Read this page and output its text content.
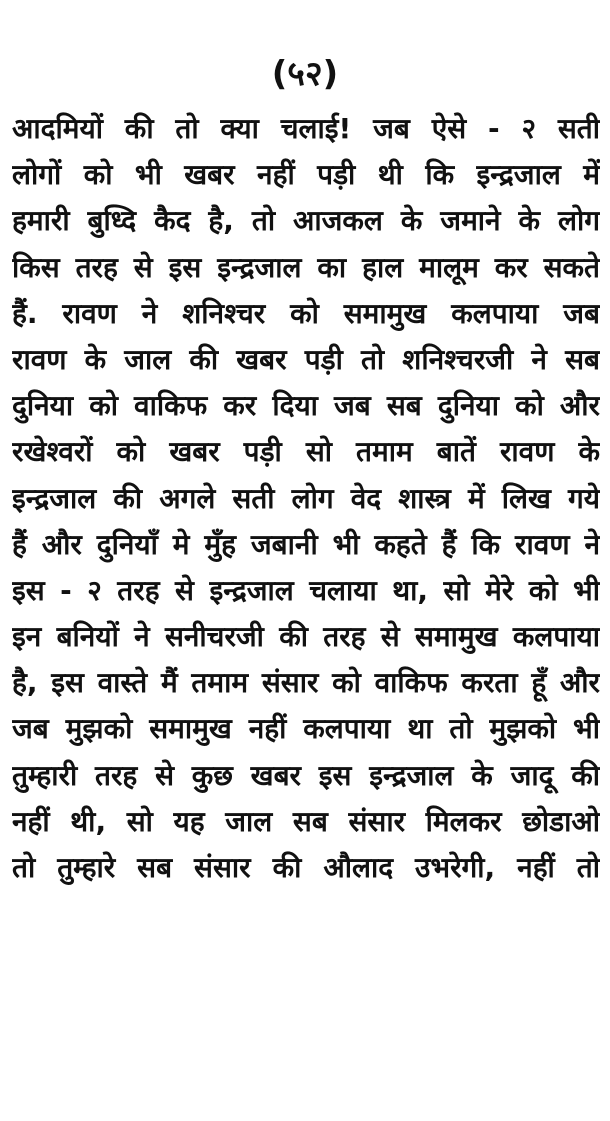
(५२)
आदमियों की तो क्या चलाई! जब ऐसे - २ सती
लोगों को भी खबर नहीं पड़ी थी कि इन्द्रजाल में
हमारी बुध्दि कैद है, तो आजकल के जमाने के लोग
किस तरह से इस इन्द्रजाल का हाल मालूम कर सकते
हैं. रावण ने शनिश्चर को समामुख कलपाया जब
रावण के जाल की खबर पड़ी तो शनिश्चरजी ने सब
दुनिया को वाकिफ कर दिया जब सब दुनिया को और
रखेश्वरों को खबर पड़ी सो तमाम बातें रावण के
इन्द्रजाल की अगले सती लोग वेद शास्त्र में लिख गये
हैं और दुनियाँ मे मुँह जबानी भी कहते हैं कि रावण ने
इस - २ तरह से इन्द्रजाल चलाया था, सो मेरे को भी
इन बनियों ने सनीचरजी की तरह से समामुख कलपाया
है, इस वास्ते मैं तमाम संसार को वाकिफ करता हूँ और
जब मुझको समामुख नहीं कलपाया था तो मुझको भी
तुम्हारी तरह से कुछ खबर इस इन्द्रजाल के जादू की
नहीं थी, सो यह जाल सब संसार मिलकर छोडाओ
तो तुम्हारे सब संसार की औलाद उभरेगी, नहीं तो
